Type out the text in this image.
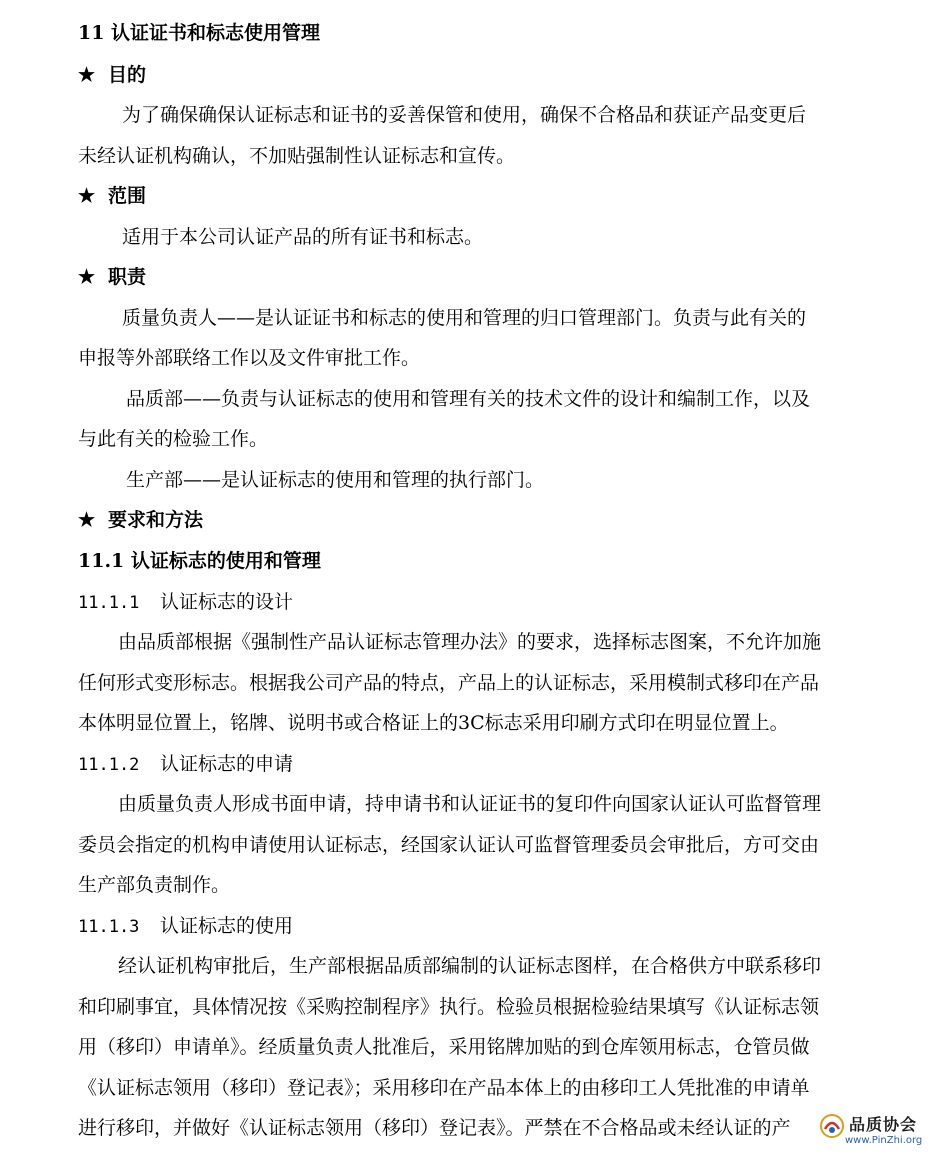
11 认证证书和标志使用管理
★ 目的
为了确保确保认证标志和证书的妥善保管和使用，确保不合格品和获证产品变更后
未经认证机构确认，不加贴强制性认证标志和宣传。
★ 范围
适用于本公司认证产品的所有证书和标志。
★ 职责
质量负责人——是认证证书和标志的使用和管理的归口管理部门。负责与此有关的
申报等外部联络工作以及文件审批工作。
品质部——负责与认证标志的使用和管理有关的技术文件的设计和编制工作，以及
与此有关的检验工作。
生产部——是认证标志的使用和管理的执行部门。
★ 要求和方法
11.1 认证标志的使用和管理
11.1.1 认证标志的设计
由品质部根据《强制性产品认证标志管理办法》的要求，选择标志图案，不允许加施
任何形式变形标志。根据我公司产品的特点，产品上的认证标志，采用模制式移印在产品
本体明显位置上，铭牌、说明书或合格证上的3C标志采用印刷方式印在明显位置上。
11.1.2 认证标志的申请
由质量负责人形成书面申请，持申请书和认证证书的复印件向国家认证认可监督管理
委员会指定的机构申请使用认证标志，经国家认证认可监督管理委员会审批后，方可交由
生产部负责制作。
11.1.3 认证标志的使用
经认证机构审批后，生产部根据品质部编制的认证标志图样，在合格供方中联系移印
和印刷事宜，具体情况按《采购控制程序》执行。检验员根据检验结果填写《认证标志领
用（移印）申请单》。经质量负责人批准后，采用铭牌加贴的到仓库领用标志，仓管员做
《认证标志领用（移印）登记表》；采用移印在产品本体上的由移印工人凭批准的申请单
进行移印，并做好《认证标志领用（移印）登记表》。严禁在不合格品或未经认证的产	品质协会
www.PinZhi.org
